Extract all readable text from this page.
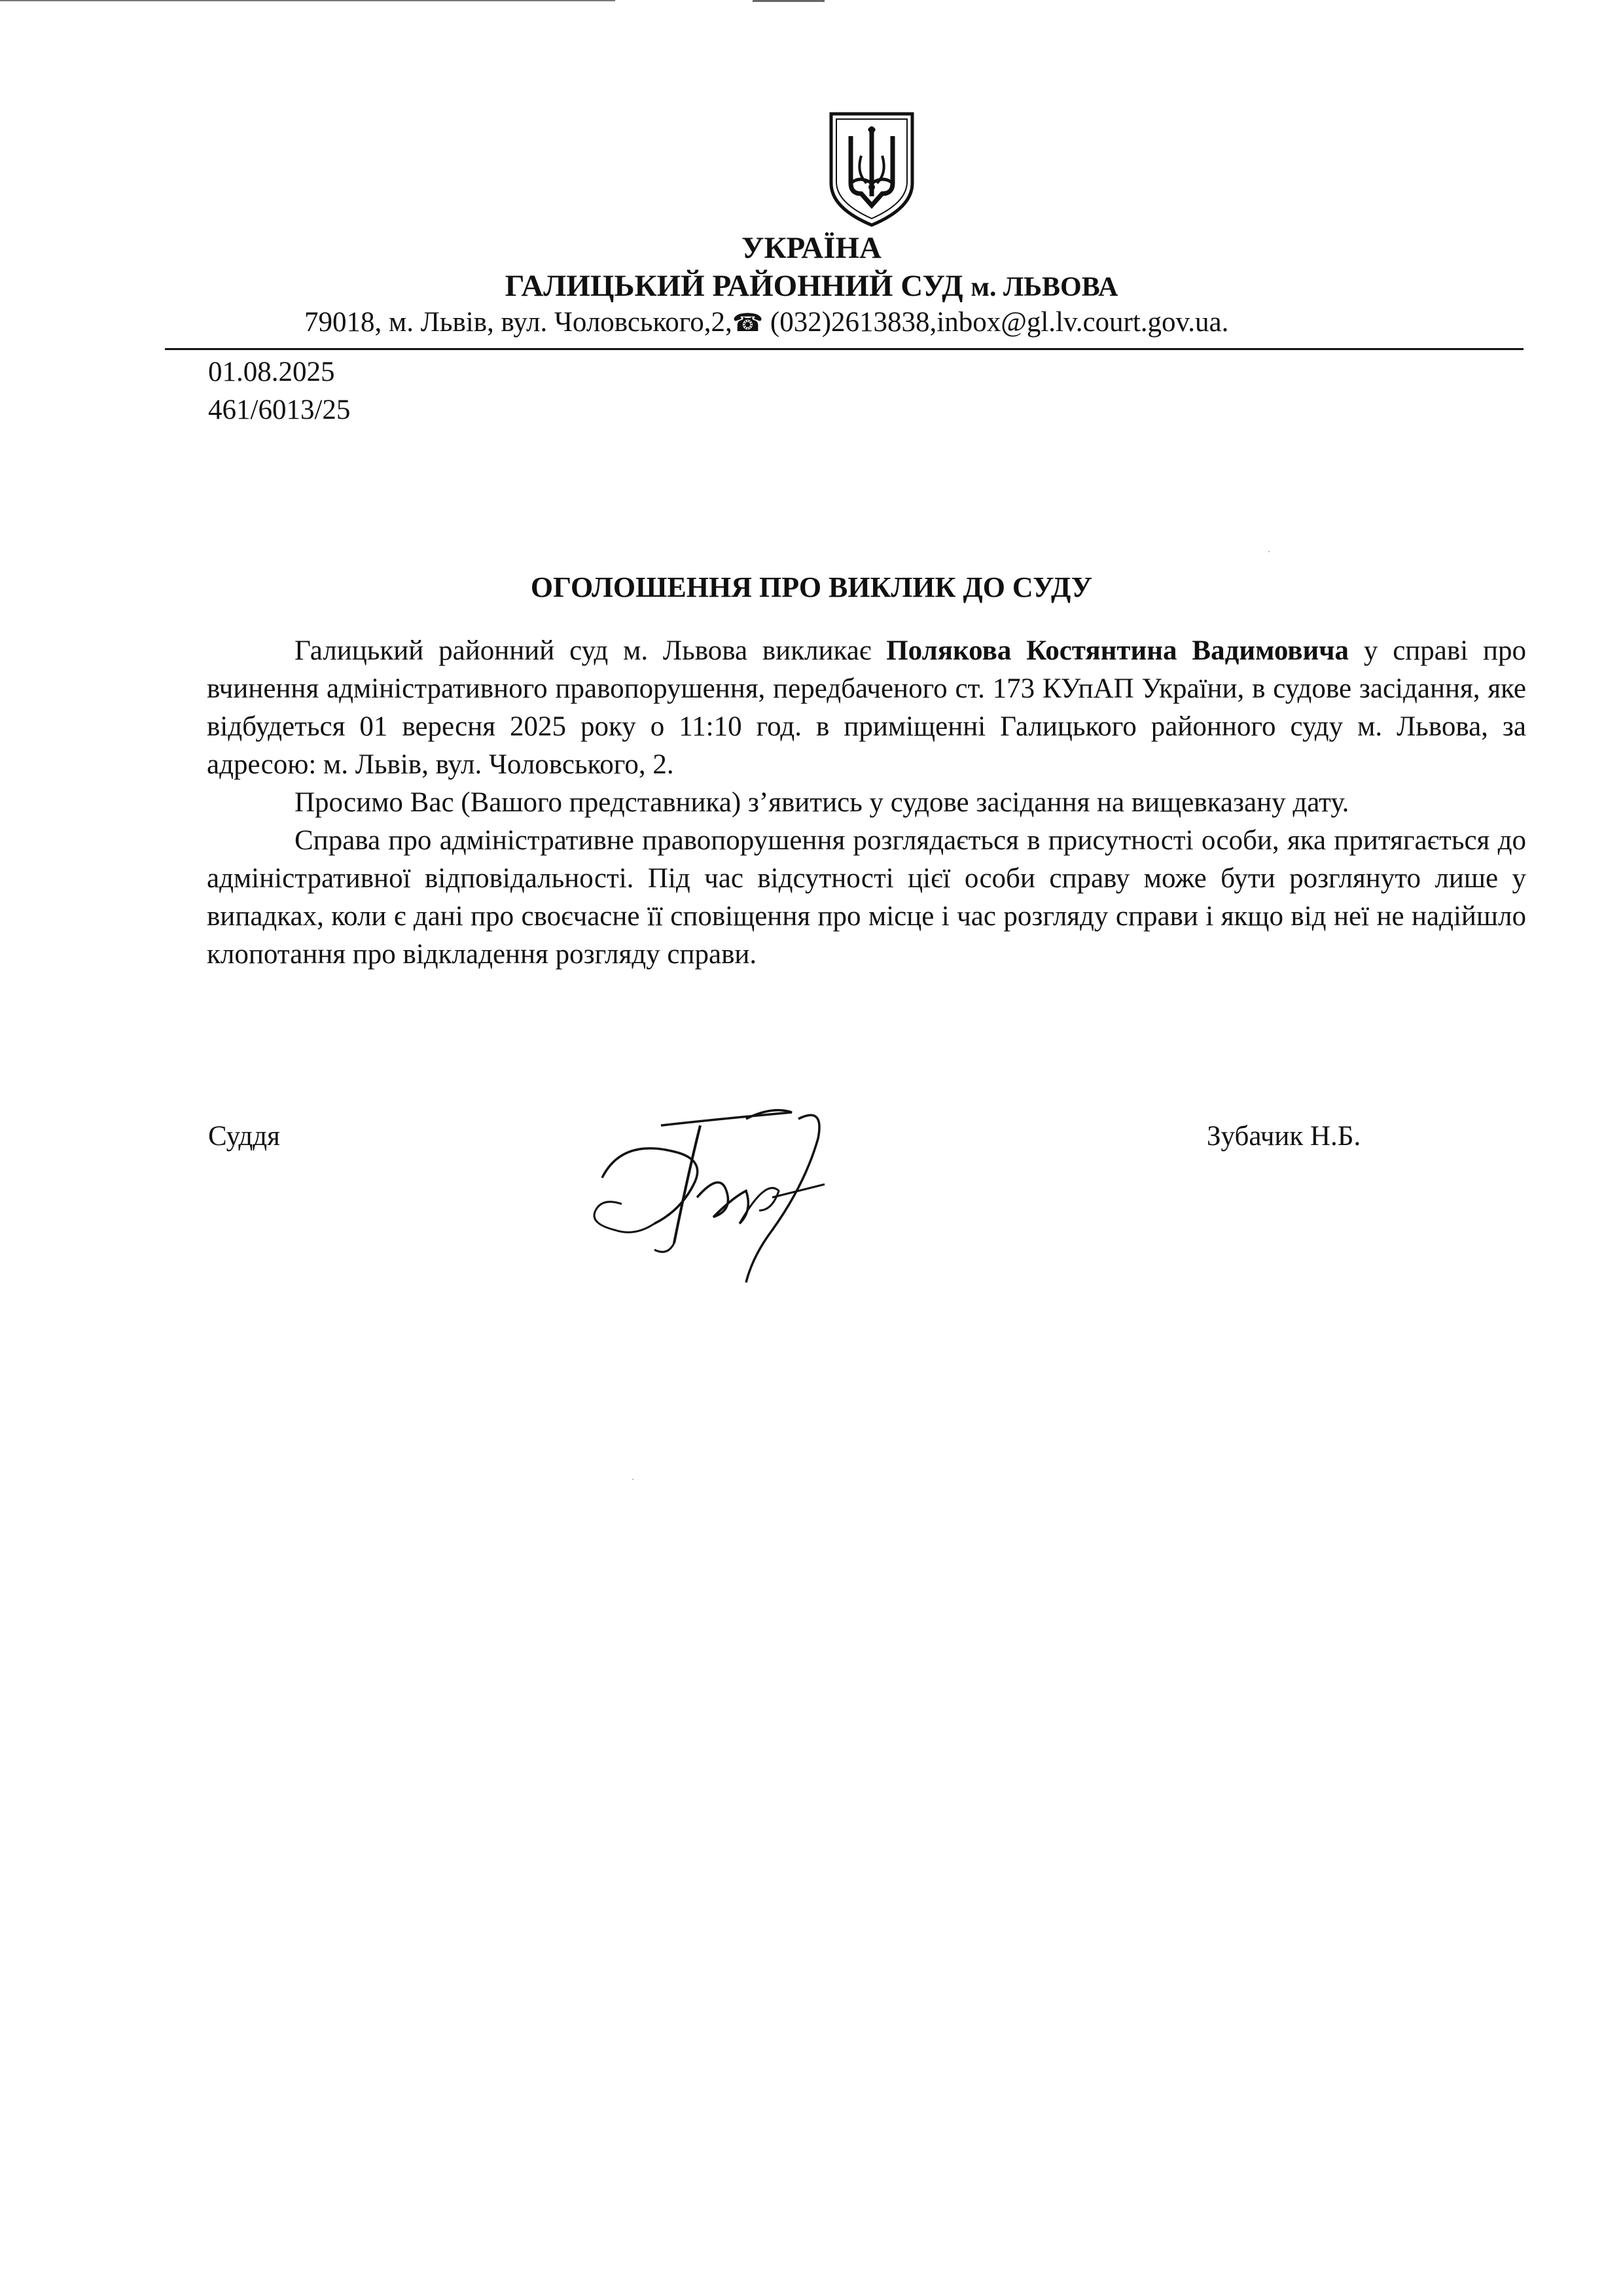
УКРАЇНА
ГАЛИЦЬКИЙ РАЙОННИЙ СУД м. ЛЬВОВА
79018, м. Львів, вул. Чоловського,2,☎ (032)2613838,inbox@gl.lv.court.gov.ua.
01.08.2025
461/6013/25
ОГОЛОШЕННЯ ПРО ВИКЛИК ДО СУДУ

Галицький районний суд м. Львова викликає Полякова Костянтина Вадимовича у справі про вчинення адміністративного правопорушення, передбаченого ст. 173 КУпАП України, в судове засідання, яке відбудеться 01 вересня 2025 року о 11:10 год. в приміщенні Галицького районного суду м. Львова, за адресою: м. Львів, вул. Чоловського, 2.

Просимо Вас (Вашого представника) з’явитись у судове засідання на вищевказану дату.

Справа про адміністративне правопорушення розглядається в присутності особи, яка притягається до адміністративної відповідальності. Під час відсутності цієї особи справу може бути розглянуто лише у випадках, коли є дані про своєчасне її сповіщення про місце і час розгляду справи і якщо від неї не надійшло клопотання про відкладення розгляду справи.

Суддя	Зубачик Н.Б.
